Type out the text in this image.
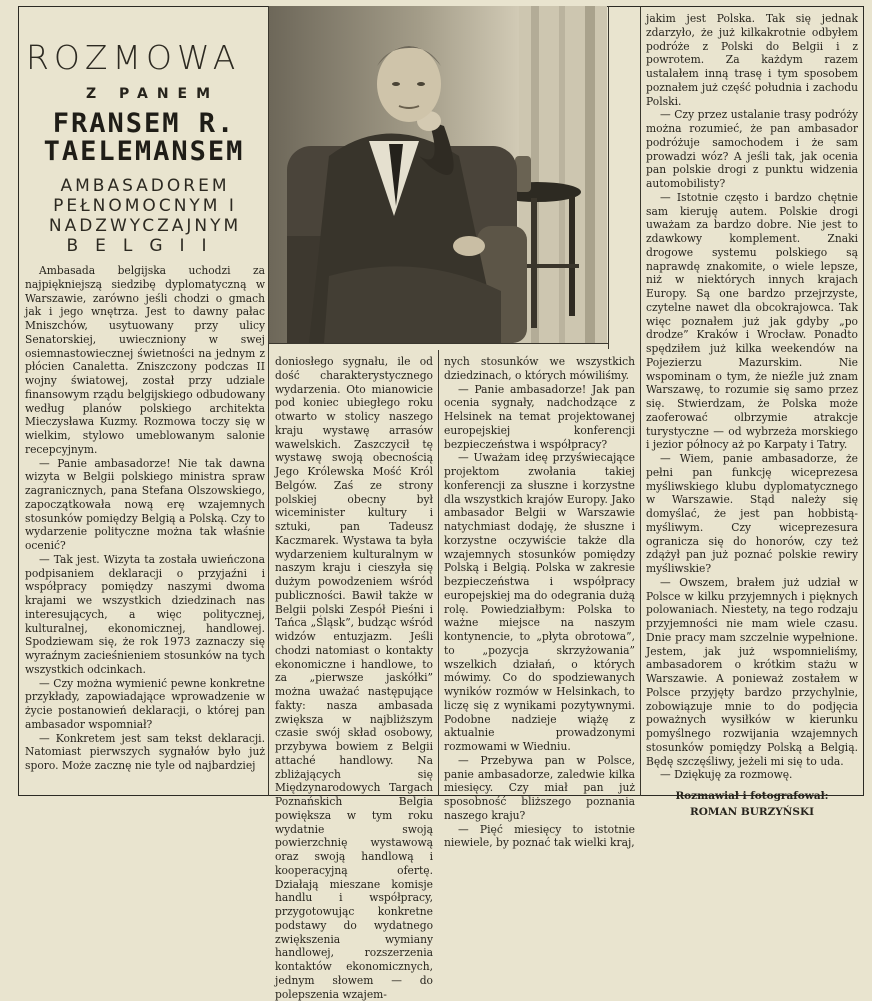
ROZMOWA
Z PANEM
FRANSEM R.
TAELEMANSEM
AMBASADOREM
PEŁNOMOCNYM I
NADZWYCZAJNYM
BELGII

Ambasada belgijska uchodzi za najpiękniejszą siedzibę dyplomatyczną w Warszawie, zarówno jeśli chodzi o gmach jak i jego wnętrza. Jest to dawny pałac Mniszchów, usytuowany przy ulicy Senatorskiej, uwieczniony w swej osiemnastowiecznej świetności na jednym z płócien Canaletta. Zniszczony podczas II wojny światowej, został przy udziale finansowym rządu belgijskiego odbudowany według planów polskiego architekta Mieczysława Kuzmy. Rozmowa toczy się w wielkim, stylowo umeblowanym salonie recepcyjnym.

— Panie ambasadorze! Nie tak dawna wizyta w Belgii polskiego ministra spraw zagranicznych, pana Stefana Olszowskiego, zapoczątkowała nową erę wzajemnych stosunków pomiędzy Belgią a Polską. Czy to wydarzenie polityczne można tak właśnie ocenić?

— Tak jest. Wizyta ta została uwieńczona podpisaniem deklaracji o przyjaźni i współpracy pomiędzy naszymi dwoma krajami we wszystkich dziedzinach nas interesujących, a więc politycznej, kulturalnej, ekonomicznej, handlowej. Spodziewam się, że rok 1973 zaznaczy się wyraźnym zacieśnieniem stosunków na tych wszystkich odcinkach.

— Czy można wymienić pewne konkretne przykłady, zapowiadające wprowadzenie w życie postanowień deklaracji, o której pan ambasador wspomniał?

— Konkretem jest sam tekst deklaracji. Natomiast pierwszych sygnałów było już sporo. Może zacznę nie tyle od najbardziej

doniosłego sygnału, ile od dość charakterystycznego wydarzenia. Oto mianowicie pod koniec ubiegłego roku otwarto w stolicy naszego kraju wystawę arrasów wawelskich. Zaszczycił tę wystawę swoją obecnością Jego Królewska Mość Król Belgów. Zaś ze strony polskiej obecny był wiceminister kultury i sztuki, pan Tadeusz Kaczmarek. Wystawa ta była wydarzeniem kulturalnym w naszym kraju i cieszyła się dużym powodzeniem wśród publiczności. Bawił także w Belgii polski Zespół Pieśni i Tańca „Śląsk”, budząc wśród widzów entuzjazm. Jeśli chodzi natomiast o kontakty ekonomiczne i handlowe, to za „pierwsze jaskółki” można uważać następujące fakty: nasza ambasada zwiększa w najbliższym czasie swój skład osobowy, przybywa bowiem z Belgii attaché handlowy. Na zbliżających się Międzynarodowych Targach Poznańskich Belgia powiększa w tym roku wydatnie swoją powierzchnię wystawową oraz swoją handlową i kooperacyjną ofertę. Działają mieszane komisje handlu i współpracy, przygotowując konkretne podstawy do wydatnego zwiększenia wymiany handlowej, rozszerzenia kontaktów ekonomicznych, jednym słowem — do polepszenia wzajem-

nych stosunków we wszystkich dziedzinach, o których mówiliśmy.

— Panie ambasadorze! Jak pan ocenia sygnały, nadchodzące z Helsinek na temat projektowanej europejskiej konferencji bezpieczeństwa i współpracy?

— Uważam ideę przyświecające projektom zwołania takiej konferencji za słuszne i korzystne dla wszystkich krajów Europy. Jako ambasador Belgii w Warszawie natychmiast dodaję, że słuszne i korzystne oczywiście także dla wzajemnych stosunków pomiędzy Polską i Belgią. Polska w zakresie bezpieczeństwa i współpracy europejskiej ma do odegrania dużą rolę. Powiedziałbym: Polska to ważne miejsce na naszym kontynencie, to „płyta obrotowa”, to „pozycja skrzyżowania” wszelkich działań, o których mówimy. Co do spodziewanych wyników rozmów w Helsinkach, to liczę się z wynikami pozytywnymi. Podobne nadzieje wiążę z aktualnie prowadzonymi rozmowami w Wiedniu.

— Przebywa pan w Polsce, panie ambasadorze, zaledwie kilka miesięcy. Czy miał pan już sposobność bliższego poznania naszego kraju?

— Pięć miesięcy to istotnie niewiele, by poznać tak wielki kraj,

jakim jest Polska. Tak się jednak zdarzyło, że już kilkakrotnie odbyłem podróże z Polski do Belgii i z powrotem. Za każdym razem ustalałem inną trasę i tym sposobem poznałem już część południa i zachodu Polski.

— Czy przez ustalanie trasy podróży można rozumieć, że pan ambasador podróżuje samochodem i że sam prowadzi wóz? A jeśli tak, jak ocenia pan polskie drogi z punktu widzenia automobilisty?

— Istotnie często i bardzo chętnie sam kieruję autem. Polskie drogi uważam za bardzo dobre. Nie jest to zdawkowy komplement. Znaki drogowe systemu polskiego są naprawdę znakomite, o wiele lepsze, niż w niektórych innych krajach Europy. Są one bardzo przejrzyste, czytelne nawet dla obcokrajowca. Tak więc poznałem już jak gdyby „po drodze” Kraków i Wrocław. Ponadto spędziłem już kilka weekendów na Pojezierzu Mazurskim. Nie wspominam o tym, że nieźle już znam Warszawę, to rozumie się samo przez się. Stwierdzam, że Polska może zaoferować olbrzymie atrakcje turystyczne — od wybrzeża morskiego i jezior północy aż po Karpaty i Tatry.

— Wiem, panie ambasadorze, że pełni pan funkcję wiceprezesa myśliwskiego klubu dyplomatycznego w Warszawie. Stąd należy się domyślać, że jest pan hobbistą-myśliwym. Czy wiceprezesura ogranicza się do honorów, czy też zdążył pan już poznać polskie rewiry myśliwskie?

— Owszem, brałem już udział w Polsce w kilku przyjemnych i pięknych polowaniach. Niestety, na tego rodzaju przyjemności nie mam wiele czasu. Dnie pracy mam szczelnie wypełnione. Jestem, jak już wspomnieliśmy, ambasadorem o krótkim stażu w Warszawie. A ponieważ zostałem w Polsce przyjęty bardzo przychylnie, zobowiązuje mnie to do podjęcia poważnych wysiłków w kierunku pomyślnego rozwijania wzajemnych stosunków pomiędzy Polską a Belgią. Będę szczęśliwy, jeżeli mi się to uda.

— Dziękuję za rozmowę.

Rozmawiał i fotografował:
ROMAN BURZYŃSKI
